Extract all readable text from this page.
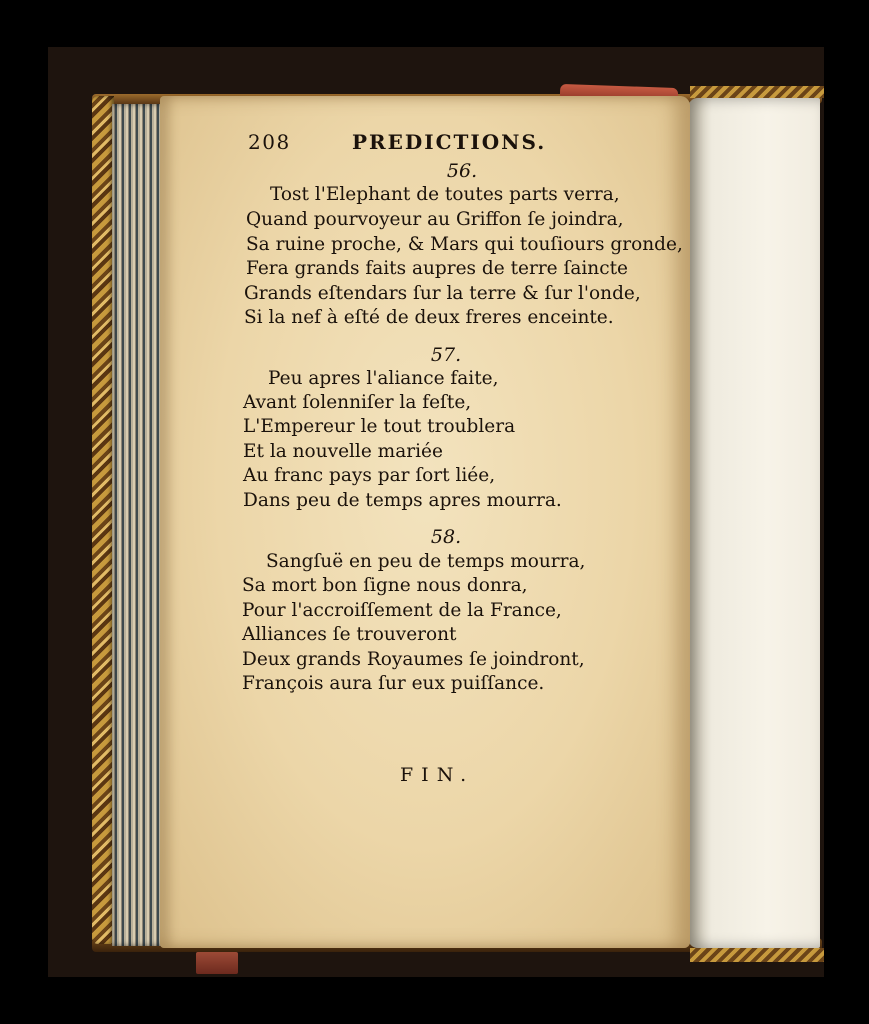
208	PREDICTIONS.
56.
Tost l'Elephant de toutes parts verra,
Quand pourvoyeur au Griffon ſe joindra,
Sa ruine proche, & Mars qui touſiours gronde,
Fera grands faits aupres de terre ſaincte
Grands eſtendars ſur la terre & ſur l'onde,
Si la nef à eſté de deux freres enceinte.
57.
Peu apres l'aliance faite,
Avant ſolenniſer la feſte,
L'Empereur le tout troublera
Et la nouvelle mariée
Au franc pays par ſort liée,
Dans peu de temps apres mourra.
58.
Sangſuë en peu de temps mourra,
Sa mort bon ſigne nous donra,
Pour l'accroiſſement de la France,
Alliances ſe trouveront
Deux grands Royaumes ſe joindront,
François aura ſur eux puiſſance.
FIN.
